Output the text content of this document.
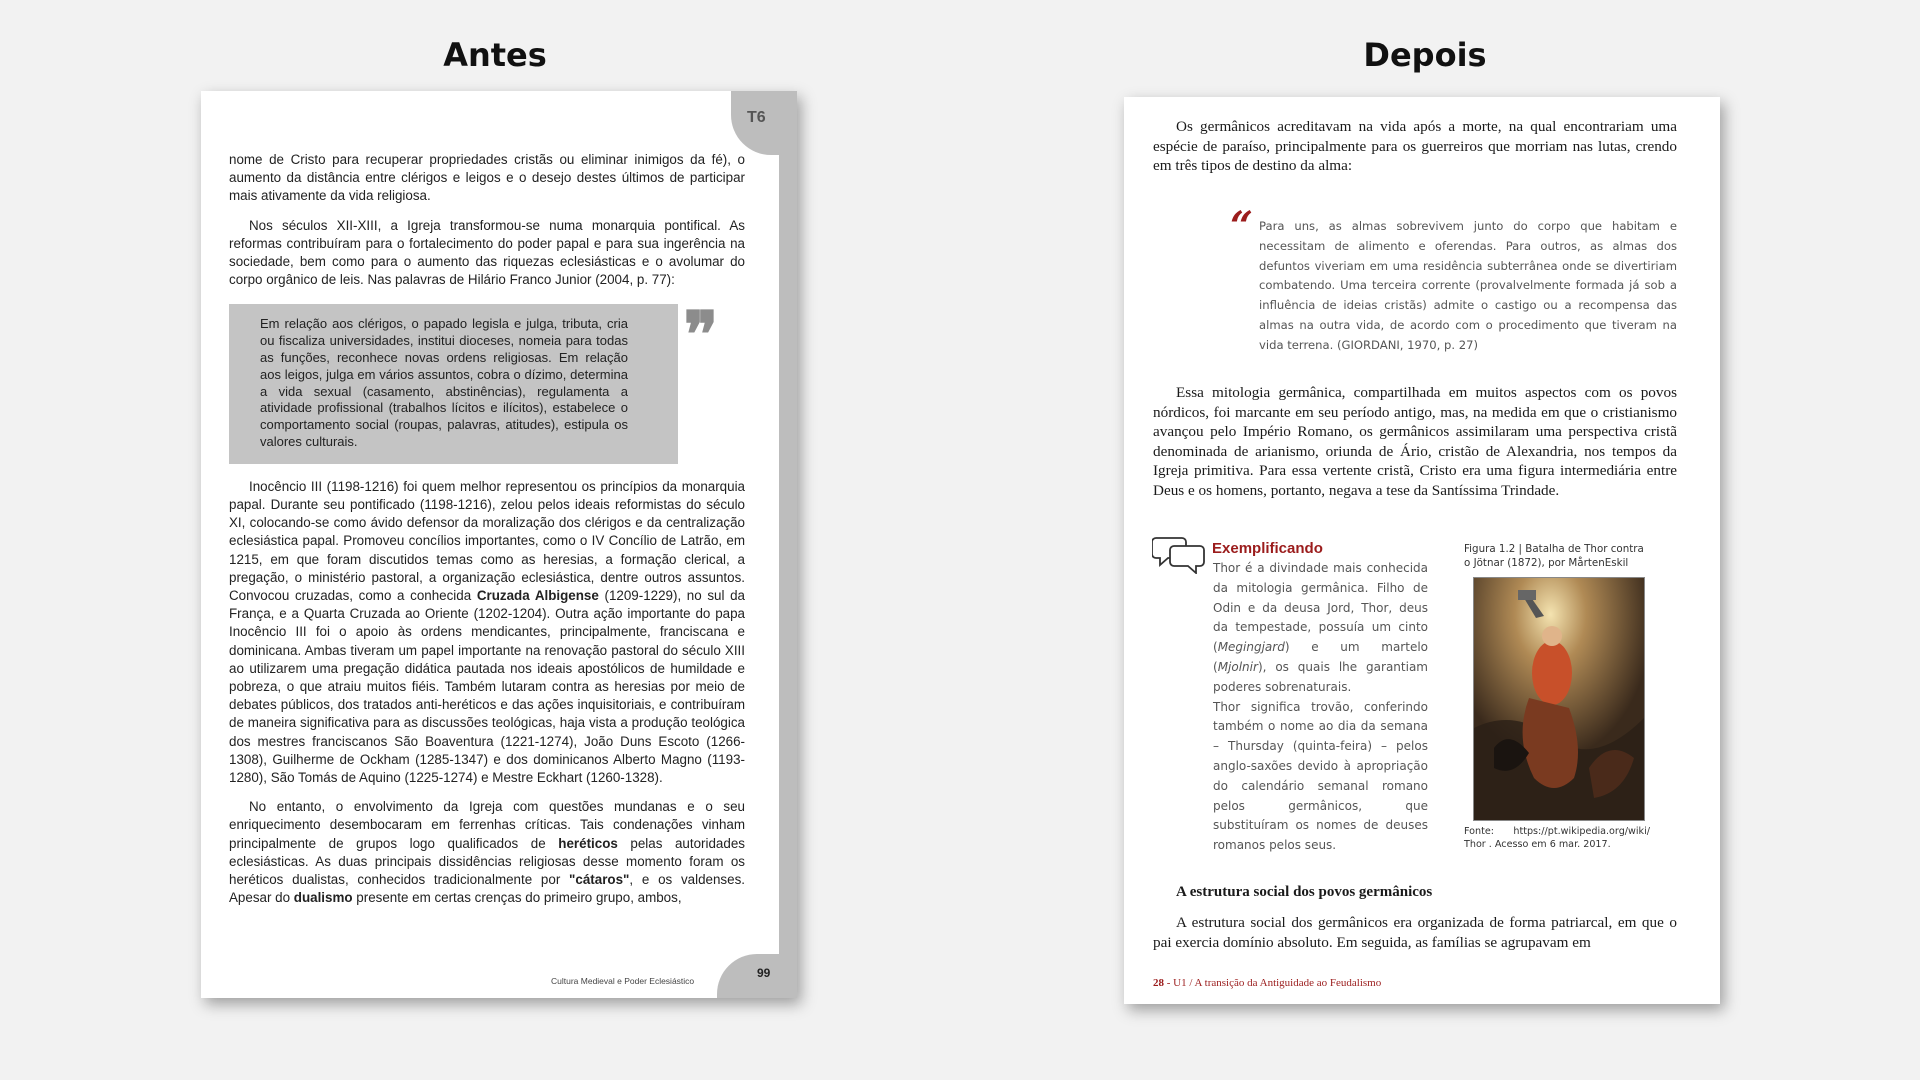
Antes	Depois
T6

nome de Cristo para recuperar propriedades cristãs ou eliminar inimigos da fé), o aumento da distância entre clérigos e leigos e o desejo destes últimos de participar mais ativamente da vida religiosa.

Nos séculos XII-XIII, a Igreja transformou-se numa monarquia pontifical. As reformas contribuíram para o fortalecimento do poder papal e para sua ingerência na sociedade, bem como para o aumento das riquezas eclesiásticas e o avolumar do corpo orgânico de leis. Nas palavras de Hilário Franco Junior (2004, p. 77):

Em relação aos clérigos, o papado legisla e julga, tributa, cria ou fiscaliza universidades, institui dioceses, nomeia para todas as funções, reconhece novas ordens religiosas. Em relação aos leigos, julga em vários assuntos, cobra o dízimo, determina a vida sexual (casamento, abstinências), regulamenta a atividade profissional (trabalhos lícitos e ilícitos), estabelece o comportamento social (roupas, palavras, atitudes), estipula os valores culturais.
❞

Inocêncio III (1198-1216) foi quem melhor representou os princípios da monarquia papal. Durante seu pontificado (1198-1216), zelou pelos ideais reformistas do século XI, colocando-se como ávido defensor da moralização dos clérigos e da centralização eclesiástica papal. Promoveu concílios importantes, como o IV Concílio de Latrão, em 1215, em que foram discutidos temas como as heresias, a formação clerical, a pregação, o ministério pastoral, a organização eclesiástica, dentre outros assuntos. Convocou cruzadas, como a conhecida Cruzada Albigense (1209-1229), no sul da França, e a Quarta Cruzada ao Oriente (1202-1204). Outra ação importante do papa Inocêncio III foi o apoio às ordens mendicantes, principalmente, franciscana e dominicana. Ambas tiveram um papel importante na renovação pastoral do século XIII ao utilizarem uma pregação didática pautada nos ideais apostólicos de humildade e pobreza, o que atraiu muitos fiéis. Também lutaram contra as heresias por meio de debates públicos, dos tratados anti-heréticos e das ações inquisitoriais, e contribuíram de maneira significativa para as discussões teológicas, haja vista a produção teológica dos mestres franciscanos São Boaventura (1221-1274), João Duns Escoto (1266-1308), Guilherme de Ockham (1285-1347) e dos dominicanos Alberto Magno (1193-1280), São Tomás de Aquino (1225-1274) e Mestre Eckhart (1260-1328).

No entanto, o envolvimento da Igreja com questões mundanas e o seu enriquecimento desembocaram em ferrenhas críticas. Tais condenações vinham principalmente de grupos logo qualificados de heréticos pelas autoridades eclesiásticas. As duas principais dissidências religiosas desse momento foram os heréticos dualistas, conhecidos tradicionalmente por "cátaros", e os valdenses. Apesar do dualismo presente em certas crenças do primeiro grupo, ambos,

Cultura Medieval e Poder Eclesiástico
99

Os germânicos acreditavam na vida após a morte, na qual encontrariam uma espécie de paraíso, principalmente para os guerreiros que morriam nas lutas, crendo em três tipos de destino da alma:

“ Para uns, as almas sobrevivem junto do corpo que habitam e necessitam de alimento e oferendas. Para outros, as almas dos defuntos viveriam em uma residência subterrânea onde se divertiriam combatendo. Uma terceira corrente (provalvelmente formada já sob a influência de ideias cristãs) admite o castigo ou a recompensa das almas na outra vida, de acordo com o procedimento que tiveram na vida terrena. (GIORDANI, 1970, p. 27)

Essa mitologia germânica, compartilhada em muitos aspectos com os povos nórdicos, foi marcante em seu período antigo, mas, na medida em que o cristianismo avançou pelo Império Romano, os germânicos assimilaram uma perspectiva cristã denominada de arianismo, oriunda de Ário, cristão de Alexandria, nos tempos da Igreja primitiva. Para essa vertente cristã, Cristo era uma figura intermediária entre Deus e os homens, portanto, negava a tese da Santíssima Trindade.

Exemplificando
Thor é a divindade mais conhecida da mitologia germânica. Filho de Odin e da deusa Jord, Thor, deus da tempestade, possuía um cinto (Megingjard) e um martelo (Mjolnir), os quais lhe garantiam poderes sobrenaturais.
Thor significa trovão, conferindo também o nome ao dia da semana – Thursday (quinta-feira) – pelos anglo-saxões devido à apropriação do calendário semanal romano pelos germânicos, que substituíram os nomes de deuses romanos pelos seus.
Figura 1.2 | Batalha de Thor contra o Jötnar (1872), por MårtenEskil
Fonte: https://pt.wikipedia.org/wiki/
Thor . Acesso em 6 mar. 2017.
A estrutura social dos povos germânicos

A estrutura social dos germânicos era organizada de forma patriarcal, em que o pai exercia domínio absoluto. Em seguida, as famílias se agrupavam em

28 - U1 / A transição da Antiguidade ao Feudalismo
